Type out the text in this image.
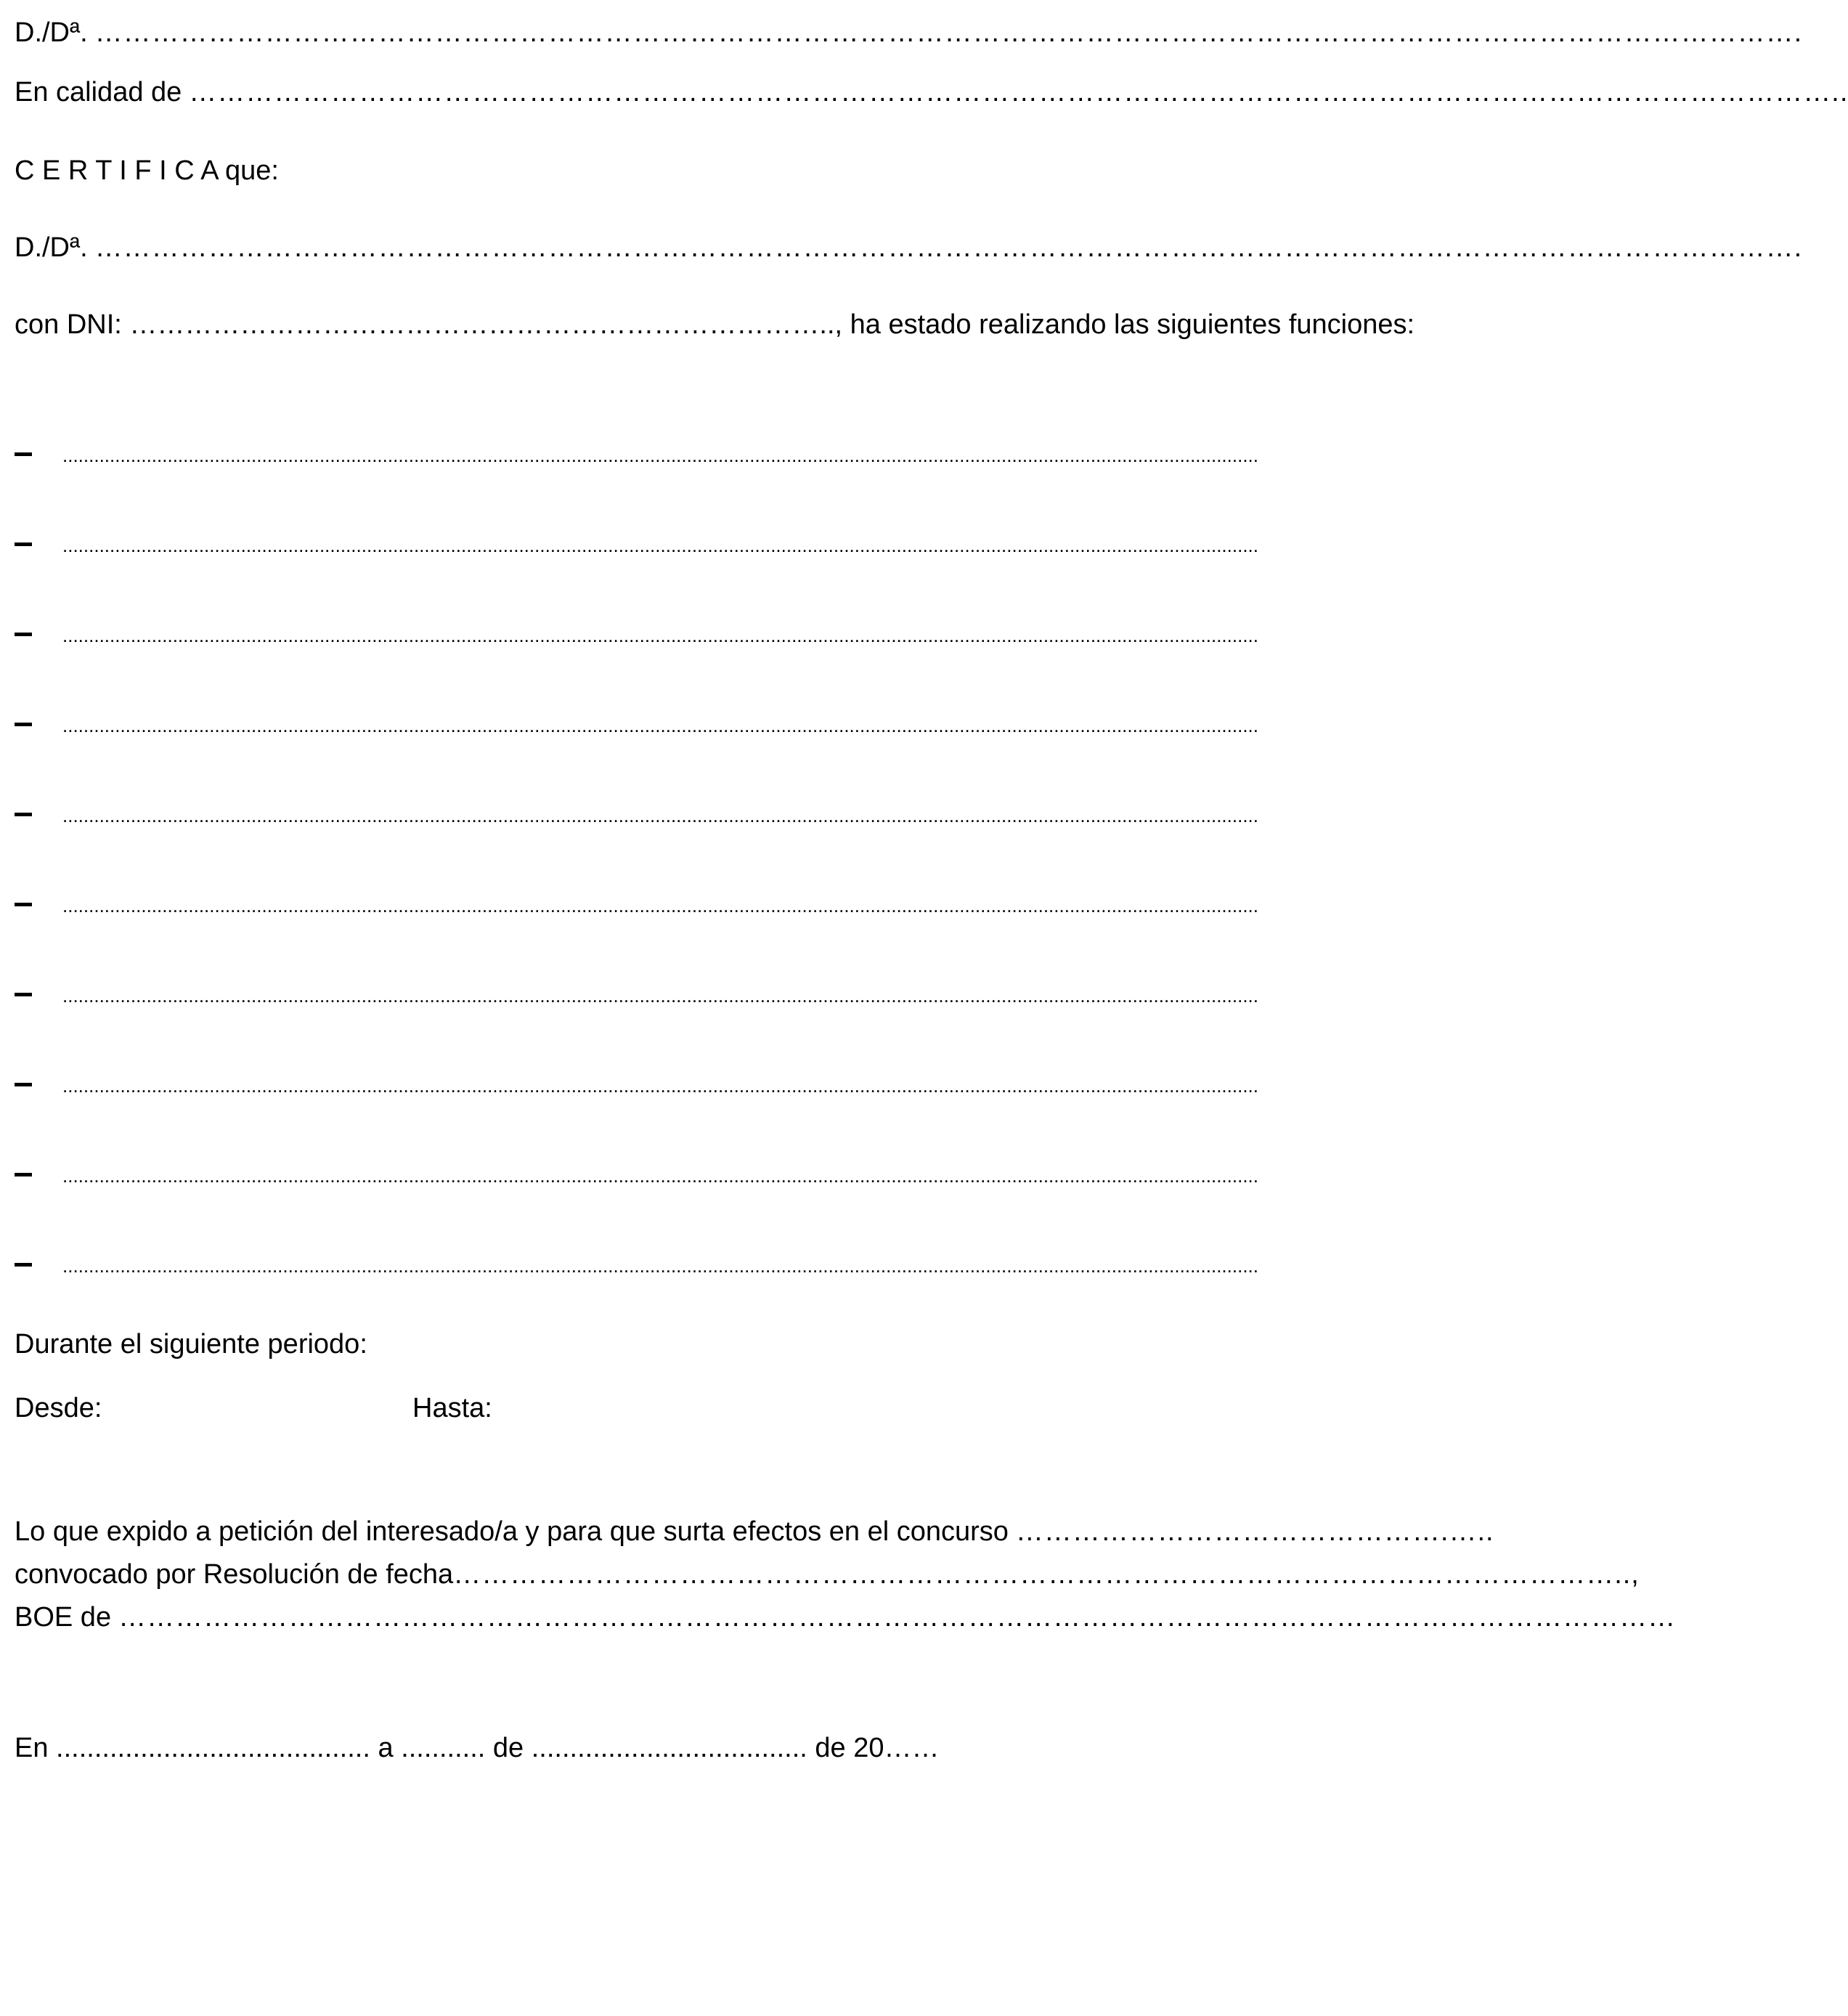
D./Dª. ……………………………………………………………………………………………………………………………………………………………….
En calidad de …………………………………………………………………………………………………………………………………………………………..
C E R T I F I C A que:
D./Dª. ……………………………………………………………………………………………………………………………………………………………….
con DNI: ………………………………………………………………….., ha estado realizando las siguientes funciones:
....................................................................................................................................................................................................................................
....................................................................................................................................................................................................................................
....................................................................................................................................................................................................................................
....................................................................................................................................................................................................................................
....................................................................................................................................................................................................................................
....................................................................................................................................................................................................................................
....................................................................................................................................................................................................................................
....................................................................................................................................................................................................................................
....................................................................................................................................................................................................................................
....................................................................................................................................................................................................................................
Durante el siguiente periodo:
Desde:	Hasta:
Lo que expido a petición del interesado/a y para que surta efectos en el concurso ……………………………………….…..
convocado por Resolución de fecha ……………………………………………………………………………………………………………..,
BOE de …………………………………………………………………………………………………………………………………………………
En ......................................... a ........... de .................................... de 20……
